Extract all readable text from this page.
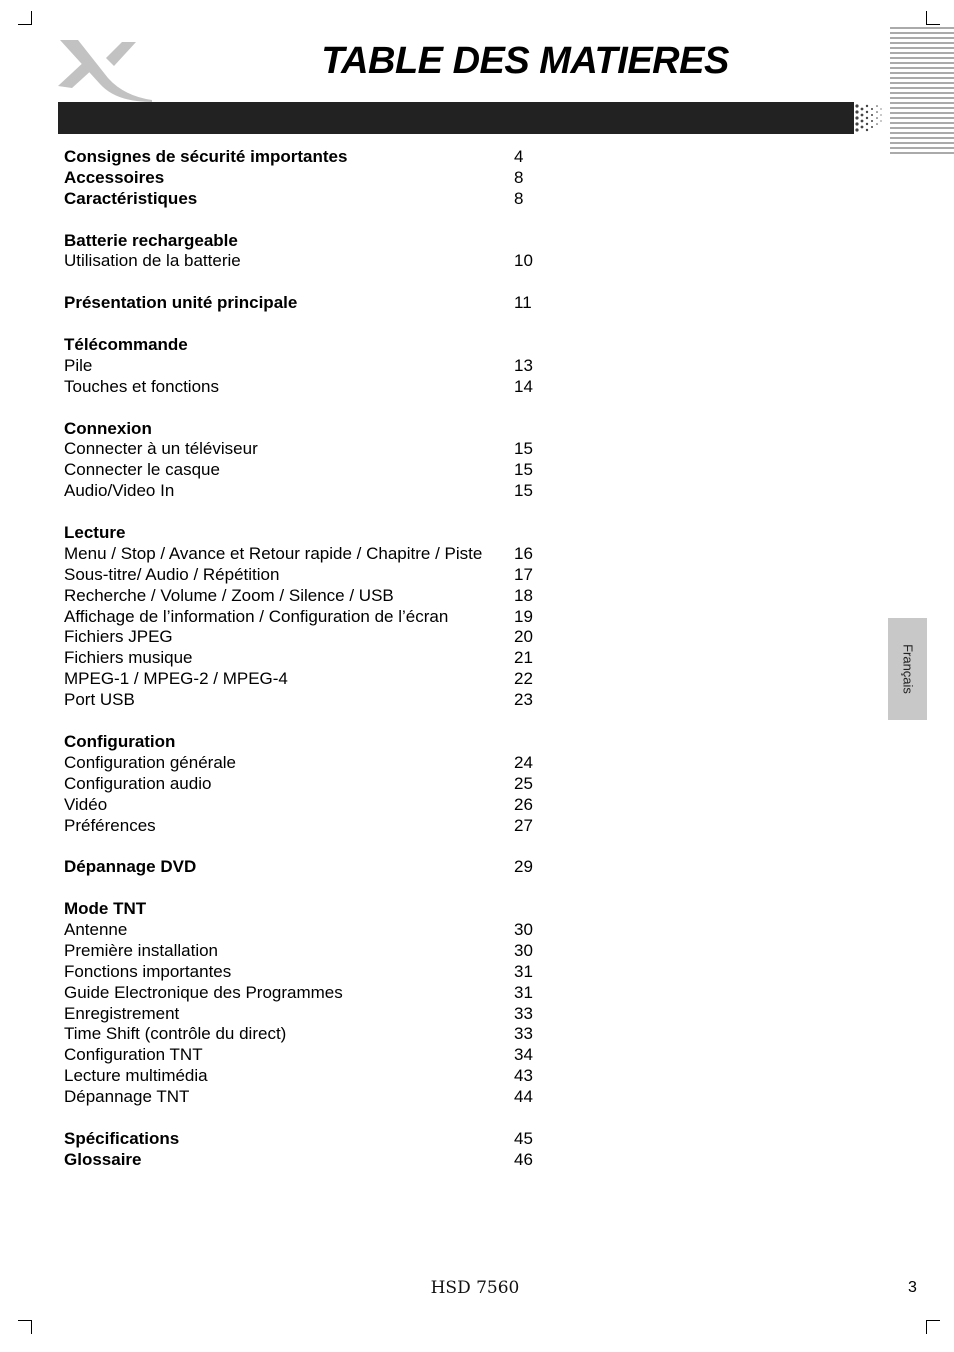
TABLE DES MATIERES
Consignes de sécurité importantes	4
Accessoires	8
Caractéristiques	8
Batterie rechargeable
Utilisation de la batterie	10
Présentation unité principale	11
Télécommande
Pile	13
Touches et fonctions	14
Connexion
Connecter à un téléviseur	15
Connecter le casque	15
Audio/Video In	15
Lecture
Menu / Stop / Avance et Retour rapide / Chapitre / Piste 16
Sous-titre/ Audio / Répétition	17
Recherche / Volume / Zoom / Silence / USB	18
Affichage de l’information / Configuration de l’écran	19
Fichiers JPEG	20
Fichiers musique	21
MPEG-1 / MPEG-2 / MPEG-4	22
Port USB	23
Configuration
Configuration générale	24
Configuration audio	25
Vidéo	26
Préférences	27
Dépannage DVD	29
Mode TNT
Antenne	30
Première installation	30
Fonctions importantes	31
Guide Electronique des Programmes	31
Enregistrement	33
Time Shift (contrôle du direct)	33
Configuration TNT	34
Lecture multimédia	43
Dépannage TNT	44
Spécifications	45
Glossaire	46
Français
HSD 7560	3
